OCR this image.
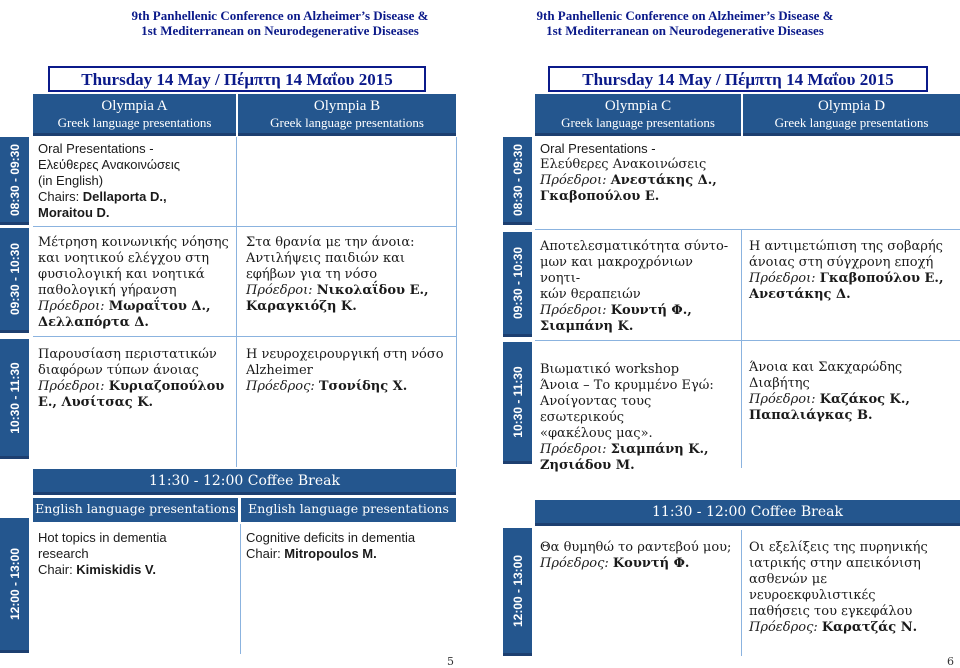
9th Panhellenic Conference on Alzheimer’s Disease &
1st Mediterranean on Neurodegenerative Diseases
Thursday 14 May / Πέμπτη 14 Μαΐου 2015
Olympia A
Greek language presentations
Olympia B
Greek language presentations
08:30 - 09:30
09:30 - 10:30
10:30 - 11:30
12:00 - 13:00
Oral Presentations -
Ελεύθερες Ανακοινώσεις
(in English)
Chairs: Dellaporta D.,
Moraitou D.
Μέτρηση κοινωνικής νόησης
και νοητικού ελέγχου στη
φυσιολογική και νοητικά
παθολογική γήρανση
Πρόεδροι: Μωραΐτου Δ.,
Δελλαπόρτα Δ.
Στα θρανία με την άνοια:
Αντιλήψεις παιδιών και
εφήβων για τη νόσο
Πρόεδροι: Νικολαΐδου Ε.,
Καραγκιόζη Κ.
Παρουσίαση περιστατικών
διαφόρων τύπων άνοιας
Πρόεδροι: Κυριαζοπούλου
Ε., Λυσίτσας Κ.
Η νευροχειρουργική στη νόσο
Alzheimer
Πρόεδρος: Τσονίδης Χ.
11:30 - 12:00 Coffee Break
English language presentations English language presentations
Hot topics in dementia
research
Chair: Kimiskidis V.
Cognitive deficits in dementia
Chair: Mitropoulos M.
5
9th Panhellenic Conference on Alzheimer’s Disease &
1st Mediterranean on Neurodegenerative Diseases
Thursday 14 May / Πέμπτη 14 Μαΐου 2015
Olympia C
Greek language presentations
Olympia D
Greek language presentations
08:30 - 09:30
09:30 - 10:30
10:30 - 11:30
12:00 - 13:00
Oral Presentations -
Ελεύθερες Ανακοινώσεις
Πρόεδροι: Ανεστάκης Δ.,
Γκαβοπούλου Ε.
Αποτελεσματικότητα σύντο-
μων και μακροχρόνιων νοητι-
κών θεραπειών
Πρόεδροι: Κουντή Φ.,
Σιαμπάνη Κ.
Η αντιμετώπιση της σοβαρής
άνοιας στη σύγχρονη εποχή
Πρόεδροι: Γκαβοπούλου Ε.,
Ανεστάκης Δ.
Βιωματικό workshop
Άνοια – Το κρυμμένο Εγώ:
Ανοίγοντας τους εσωτερικούς
«φακέλους μας».
Πρόεδροι: Σιαμπάνη Κ.,
Ζησιάδου Μ.
Άνοια και Σακχαρώδης
Διαβήτης
Πρόεδροι: Καζάκος Κ.,
Παπαλιάγκας Β.
11:30 - 12:00 Coffee Break
Θα θυμηθώ το ραντεβού μου;
Πρόεδρος: Κουντή Φ.
Οι εξελίξεις της πυρηνικής
ιατρικής στην απεικόνιση
ασθενών με νευροεκφυλιστικές
παθήσεις του εγκεφάλου
Πρόεδρος: Καρατζάς Ν.
6
